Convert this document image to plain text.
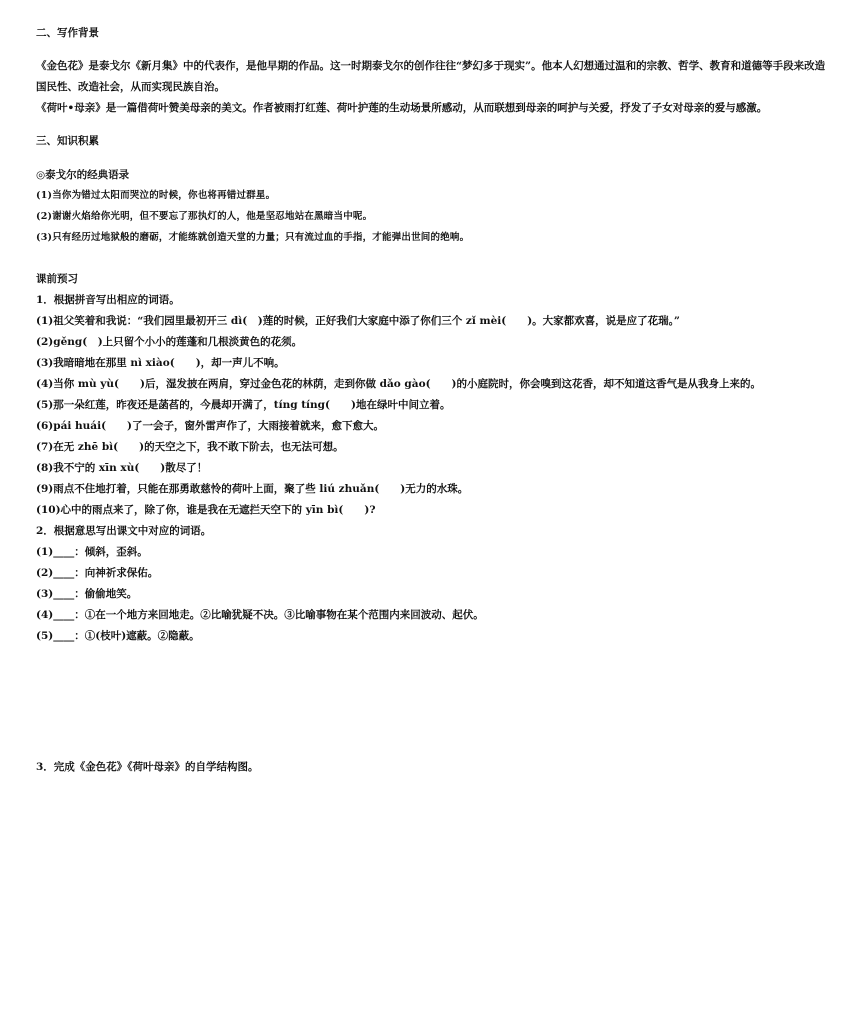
二、写作背景
《金色花》是泰戈尔《新月集》中的代表作，是他早期的作品。这一时期泰戈尔的创作往往“梦幻多于现实”。他本人幻想通过温和的宗教、哲学、教育和道德等手段来改造国民性、改造社会，从而实现民族自治。
《荷叶•母亲》是一篇借荷叶赞美母亲的美文。作者被雨打红莲、荷叶护莲的生动场景所感动，从而联想到母亲的呵护与关爱，抒发了子女对母亲的爱与感激。
三、知识积累
◎泰戈尔的经典语录
(1)当你为错过太阳而哭泣的时候，你也将再错过群星。
(2)谢谢火焰给你光明，但不要忘了那执灯的人，他是坚忍地站在黑暗当中呢。
(3)只有经历过地狱般的磨砺，才能练就创造天堂的力量；只有流过血的手指，才能弹出世间的绝响。
课前预习
1．根据拼音写出相应的词语。
(1)祖父笑着和我说：“我们园里最初开三 dì(　)莲的时候，正好我们大家庭中添了你们三个 zǐ mèi(　　)。大家都欢喜，说是应了花瑞。”
(2)gěng(　)上只留个小小的莲蓬和几根淡黄色的花须。
(3)我暗暗地在那里 nì xiào(　　)，却一声儿不响。
(4)当你 mù yù(　　)后，湿发披在两肩，穿过金色花的林荫，走到你做 dǎo gào(　　)的小庭院时，你会嗅到这花香，却不知道这香气是从我身上来的。
(5)那一朵红莲，昨夜还是菡萏的，今晨却开满了，tíng tíng(　　)地在绿叶中间立着。
(6)pái huái(　　)了一会子，窗外雷声作了，大雨接着就来，愈下愈大。
(7)在无 zhē bì(　　)的天空之下，我不敢下阶去，也无法可想。
(8)我不宁的 xīn xù(　　)散尽了！
(9)雨点不住地打着，只能在那勇敢慈怜的荷叶上面，聚了些 liú zhuǎn(　　)无力的水珠。
(10)心中的雨点来了，除了你，谁是我在无遮拦天空下的 yīn bì(　　)?
2．根据意思写出课文中对应的词语。
(1)____：倾斜，歪斜。
(2)____：向神祈求保佑。
(3)____：偷偷地笑。
(4)____：①在一个地方来回地走。②比喻犹疑不决。③比喻事物在某个范围内来回波动、起伏。
(5)____：①(枝叶)遮蔽。②隐蔽。
3．完成《金色花》《荷叶母亲》的自学结构图。
